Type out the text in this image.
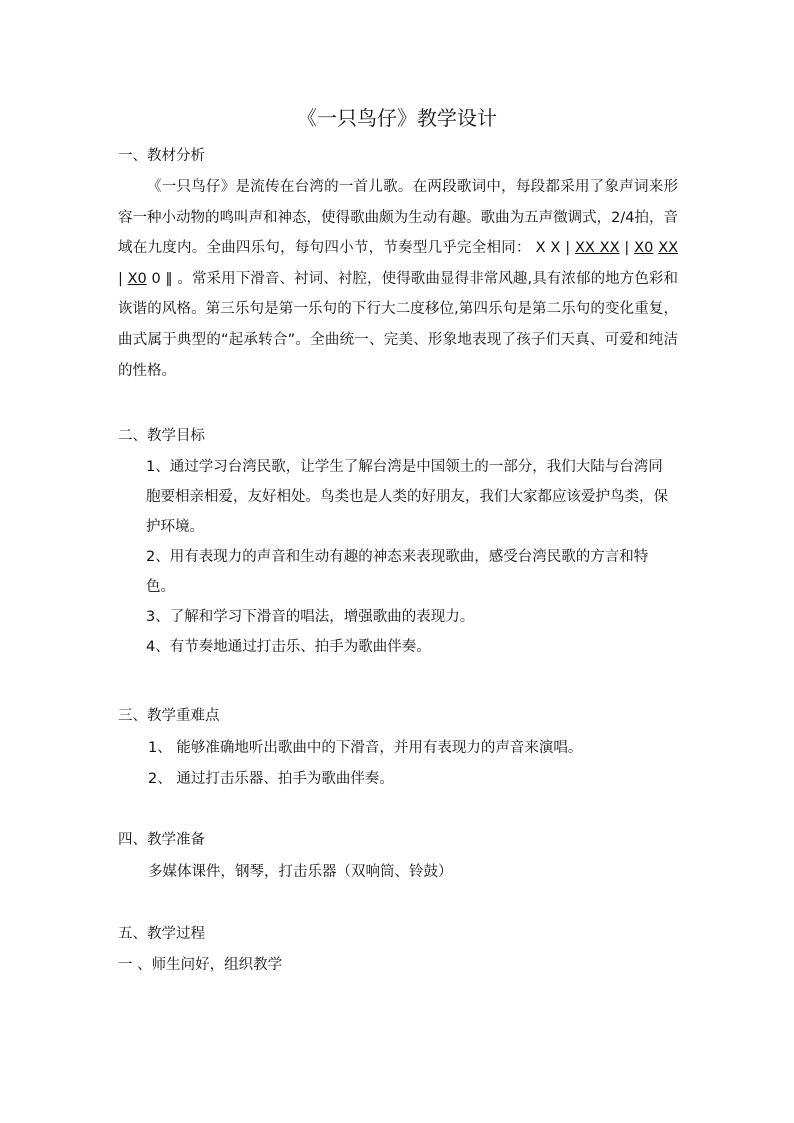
《一只鸟仔》教学设计
一、教材分析
《一只鸟仔》是流传在台湾的一首儿歌。在两段歌词中，每段都采用了象声词来形容一种小动物的鸣叫声和神态，使得歌曲颇为生动有趣。歌曲为五声徵调式，2/4拍，音域在九度内。全曲四乐句，每句四小节，节奏型几乎完全相同： X X | XX XX | X0 XX | X0 0 ‖ 。常采用下滑音、衬词、衬腔，使得歌曲显得非常风趣,具有浓郁的地方色彩和诙谐的风格。第三乐句是第一乐句的下行大二度移位,第四乐句是第二乐句的变化重复，曲式属于典型的“起承转合”。全曲统一、完美、形象地表现了孩子们天真、可爱和纯洁的性格。
二、教学目标
1、通过学习台湾民歌，让学生了解台湾是中国领土的一部分，我们大陆与台湾同胞要相亲相爱，友好相处。鸟类也是人类的好朋友，我们大家都应该爱护鸟类，保护环境。
2、用有表现力的声音和生动有趣的神态来表现歌曲，感受台湾民歌的方言和特色。
3、了解和学习下滑音的唱法，增强歌曲的表现力。
4、有节奏地通过打击乐、拍手为歌曲伴奏。
三、教学重难点
1、 能够准确地听出歌曲中的下滑音，并用有表现力的声音来演唱。
2、 通过打击乐器、拍手为歌曲伴奏。
四、教学准备
多媒体课件，钢琴，打击乐器（双响筒、铃鼓）
五、教学过程
一 、师生问好，组织教学
